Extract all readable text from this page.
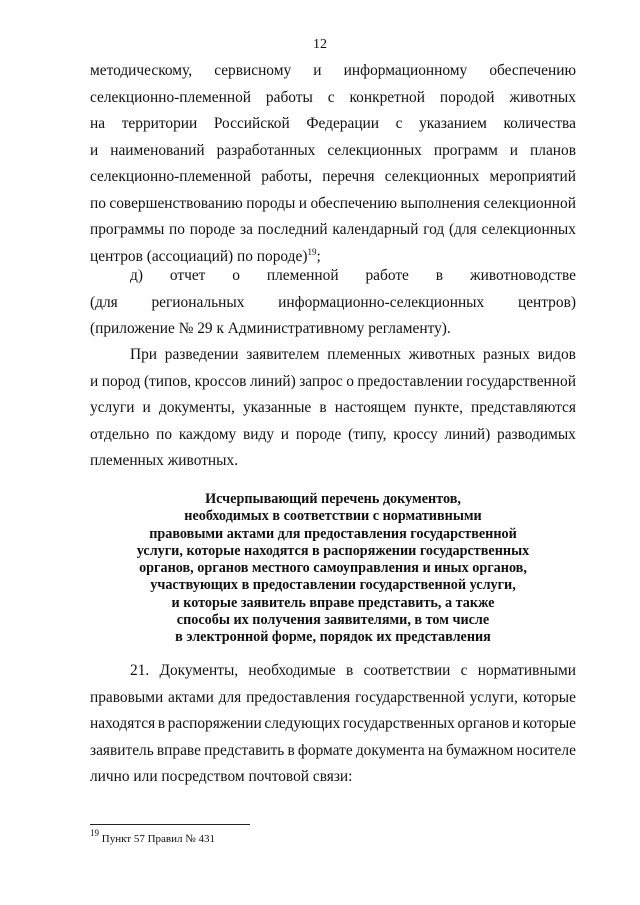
12
методическому, сервисному и информационному обеспечению
селекционно-племенной работы с конкретной породой животных
на территории Российской Федерации с указанием количества
и наименований разработанных селекционных программ и планов
селекционно-племенной работы, перечня селекционных мероприятий
по совершенствованию породы и обеспечению выполнения селекционной
программы по породе за последний календарный год (для селекционных
центров (ассоциаций) по породе)$^{19}$;
д) отчет о племенной работе в животноводстве
(для региональных информационно-селекционных центров)
(приложение № 29 к Административному регламенту).
При разведении заявителем племенных животных разных видов
и пород (типов, кроссов линий) запрос о предоставлении государственной
услуги и документы, указанные в настоящем пункте, представляются
отдельно по каждому виду и породе (типу, кроссу линий) разводимых
племенных животных.
Исчерпывающий перечень документов,
необходимых в соответствии с нормативными
правовыми актами для предоставления государственной
услуги, которые находятся в распоряжении государственных
органов, органов местного самоуправления и иных органов,
участвующих в предоставлении государственной услуги,
и которые заявитель вправе представить, а также
способы их получения заявителями, в том числе
в электронной форме, порядок их представления
21. Документы, необходимые в соответствии с нормативными
правовыми актами для предоставления государственной услуги, которые
находятся в распоряжении следующих государственных органов и которые
заявитель вправе представить в формате документа на бумажном носителе
лично или посредством почтовой связи:
$^{19}$ Пункт 57 Правил № 431
